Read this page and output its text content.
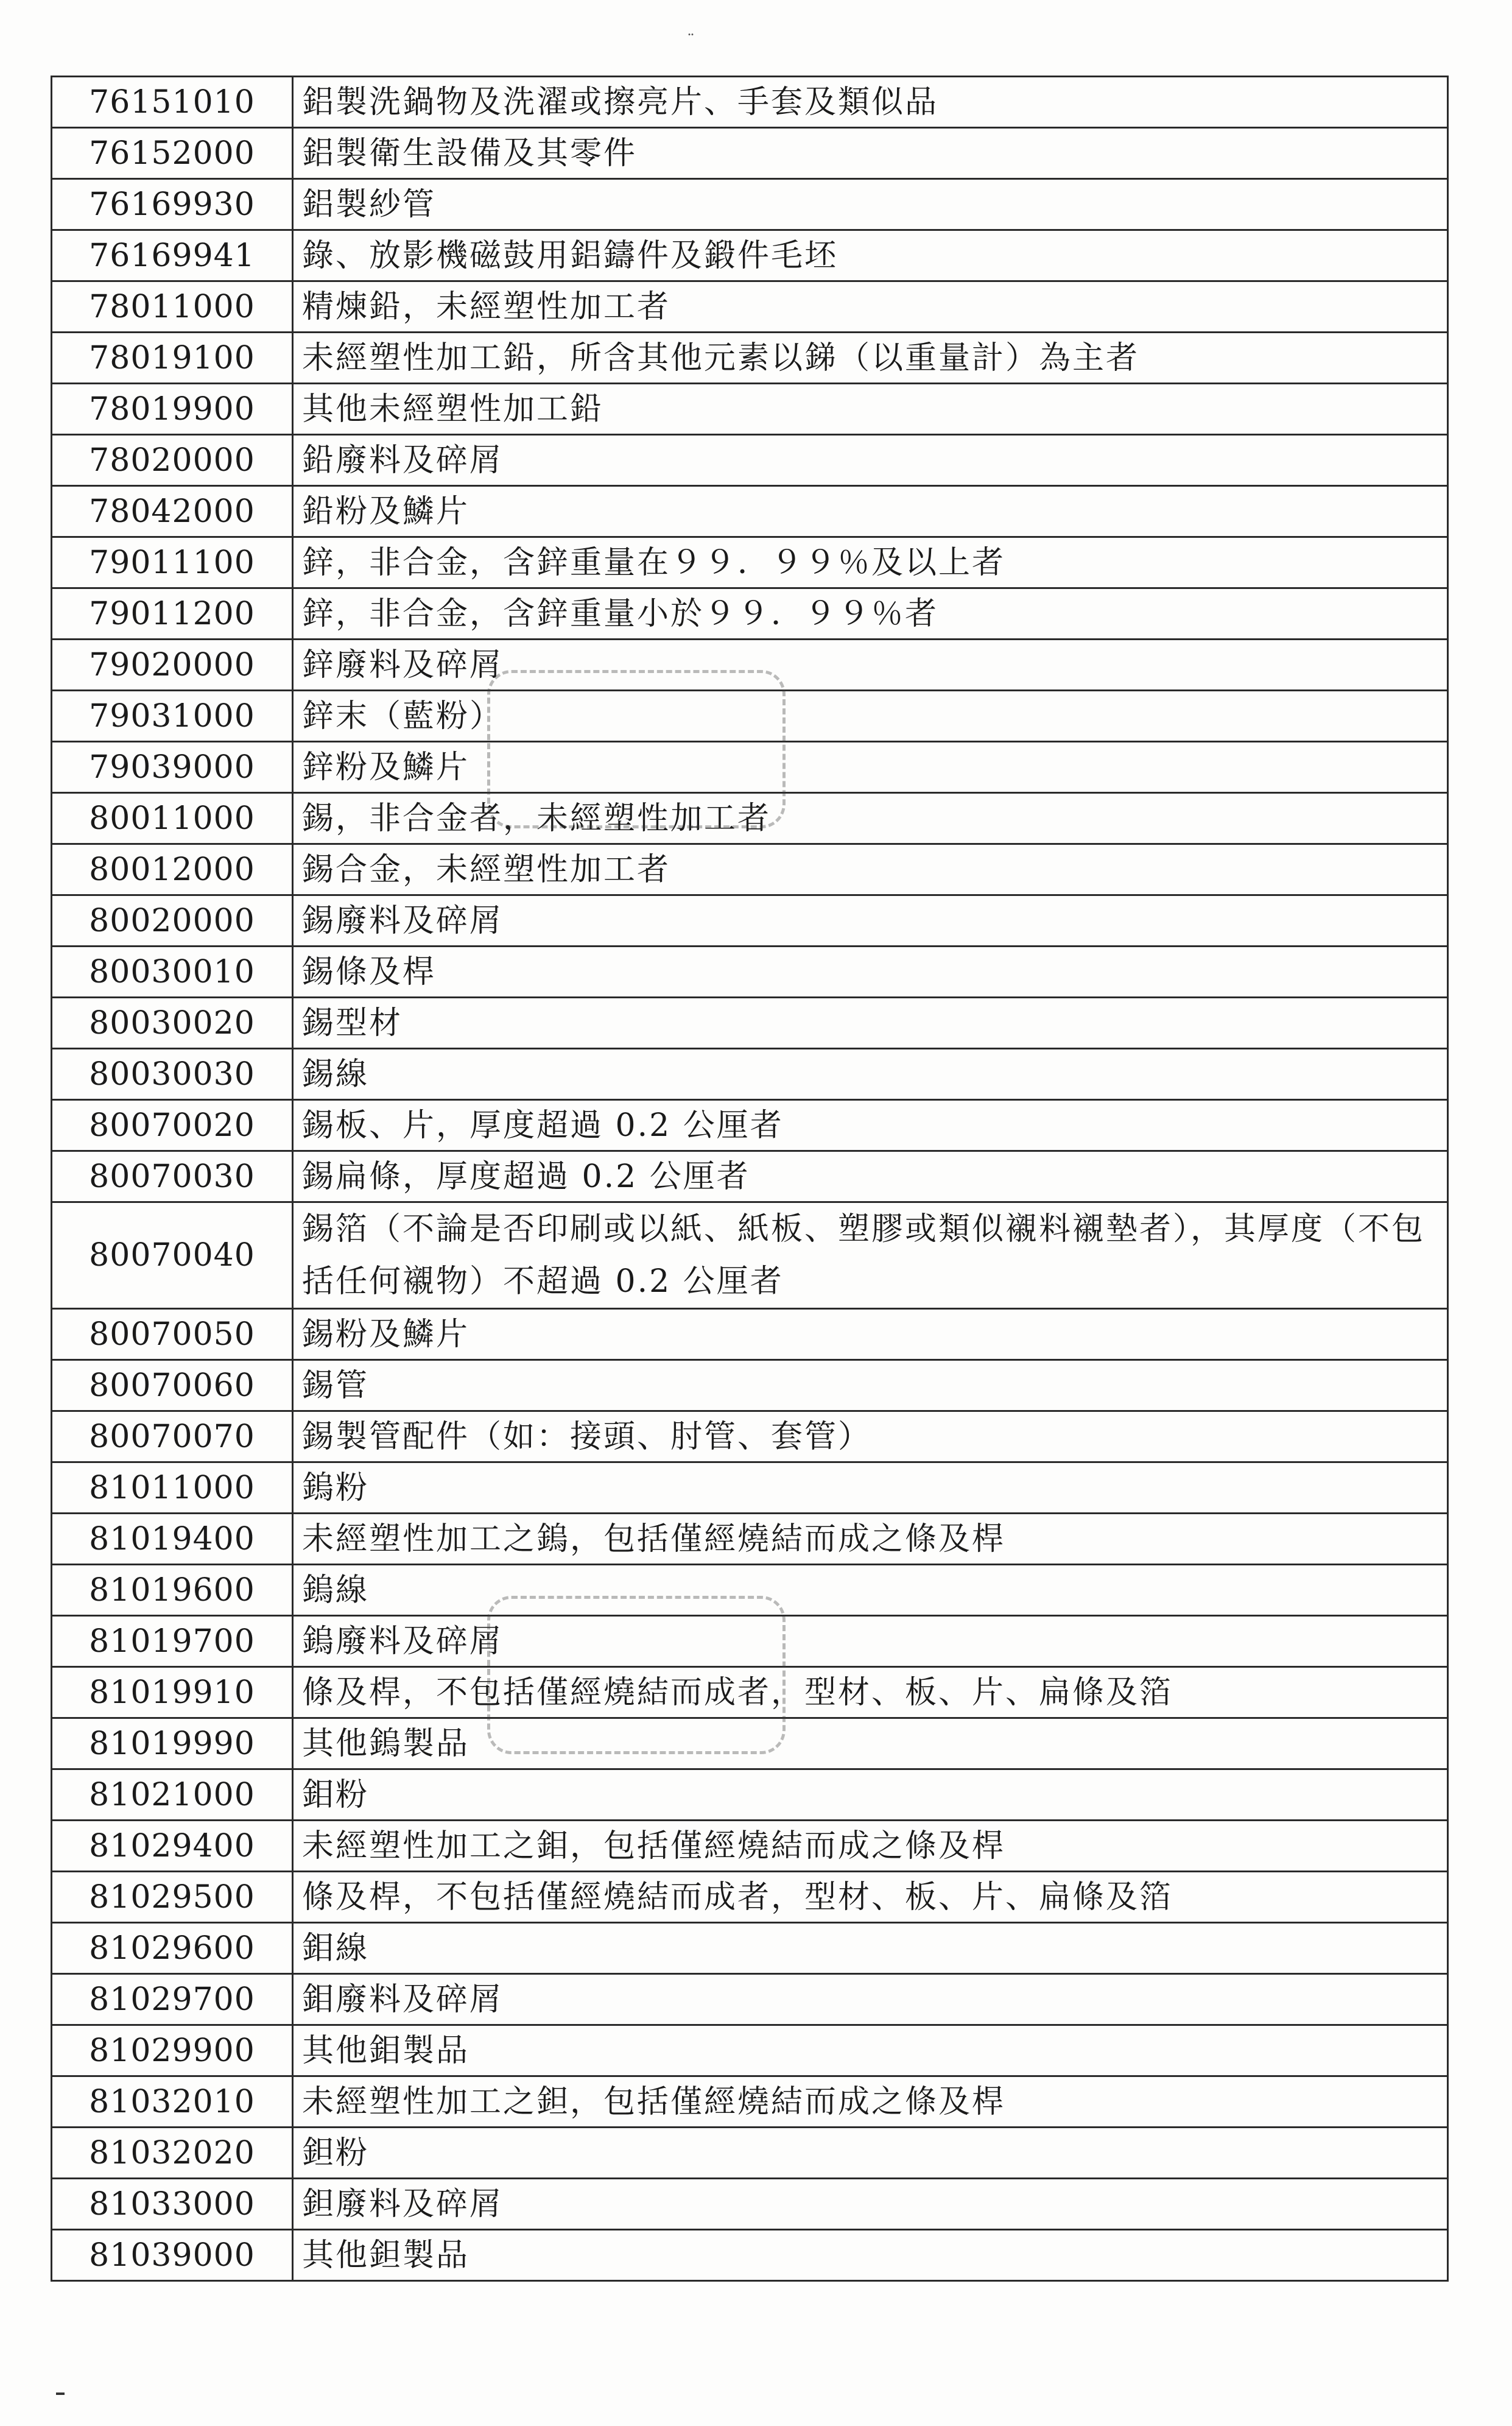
¨
76151010	鋁製洗鍋物及洗濯或擦亮片、手套及類似品
76152000	鋁製衛生設備及其零件
76169930	鋁製紗管
76169941	錄、放影機磁鼓用鋁鑄件及鍛件毛坯
78011000	精煉鉛，未經塑性加工者
78019100	未經塑性加工鉛，所含其他元素以銻（以重量計）為主者
78019900	其他未經塑性加工鉛
78020000	鉛廢料及碎屑
78042000	鉛粉及鱗片
79011100	鋅，非合金，含鋅重量在９９．９９％及以上者
79011200	鋅，非合金，含鋅重量小於９９．９９％者
79020000	鋅廢料及碎屑
79031000	鋅末（藍粉）
79039000	鋅粉及鱗片
80011000	錫，非合金者，未經塑性加工者
80012000	錫合金，未經塑性加工者
80020000	錫廢料及碎屑
80030010	錫條及桿
80030020	錫型材
80030030	錫線
80070020	錫板、片，厚度超過 0.2 公厘者
80070030	錫扁條，厚度超過 0.2 公厘者
80070040	錫箔（不論是否印刷或以紙、紙板、塑膠或類似襯料襯墊者），其厚度（不包括任何襯物）不超過 0.2 公厘者
80070050	錫粉及鱗片
80070060	錫管
80070070	錫製管配件（如：接頭、肘管、套管）
81011000	鎢粉
81019400	未經塑性加工之鎢，包括僅經燒結而成之條及桿
81019600	鎢線
81019700	鎢廢料及碎屑
81019910	條及桿，不包括僅經燒結而成者，型材、板、片、扁條及箔
81019990	其他鎢製品
81021000	鉬粉
81029400	未經塑性加工之鉬，包括僅經燒結而成之條及桿
81029500	條及桿，不包括僅經燒結而成者，型材、板、片、扁條及箔
81029600	鉬線
81029700	鉬廢料及碎屑
81029900	其他鉬製品
81032010	未經塑性加工之鉭，包括僅經燒結而成之條及桿
81032020	鉭粉
81033000	鉭廢料及碎屑
81039000	其他鉭製品
